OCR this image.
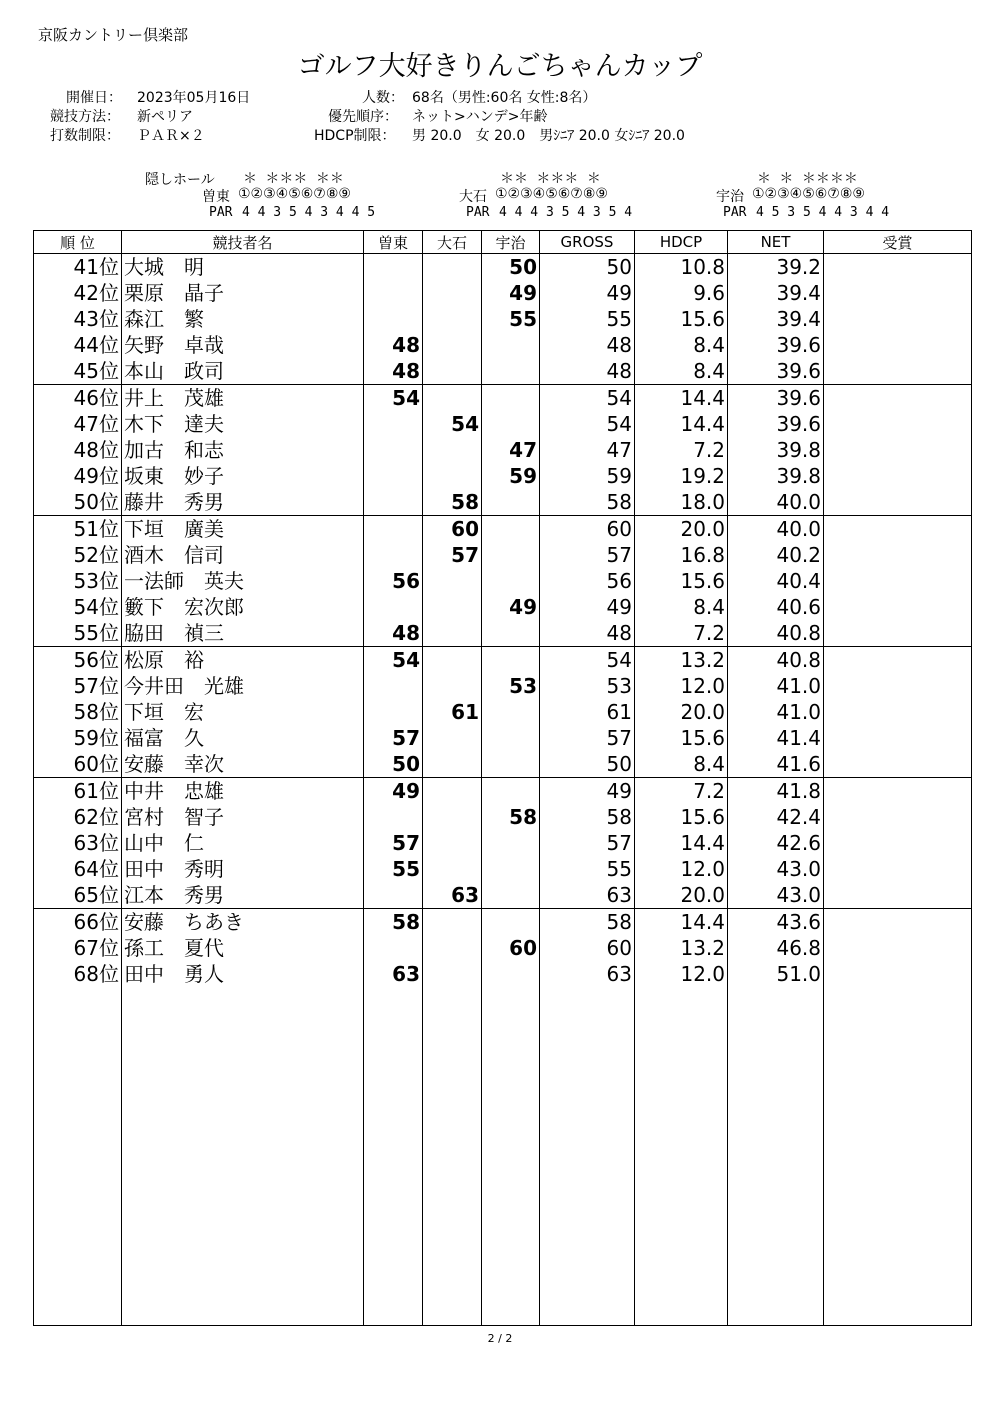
京阪カントリー倶楽部
ゴルフ大好きりんごちゃんカップ
開催日： 2023年05月16日
競技方法： 新ペリア
打数制限： ＰＡＲ×２
人数： 68名（男性:60名 女性:8名）
優先順序： ネット>ハンデ>年齢
HDCP制限： 男 20.0　女 20.0　男ｼﾆｱ 20.0 女ｼﾆｱ 20.0
隠しホール ＊ ＊＊＊ ＊＊	＊＊ ＊＊＊ ＊	＊ ＊ ＊＊＊＊
曽東 ①②③④⑤⑥⑦⑧⑨
PAR 4 4 3 5 4 3 4 4 5
大石 ①②③④⑤⑥⑦⑧⑨
PAR 4 4 4 3 5 4 3 5 4
宇治 ①②③④⑤⑥⑦⑧⑨
PAR 4 5 3 5 4 4 3 4 4
順 位	競技者名	曽東	大石	宇治	GROSS	HDCP	NET	受賞
41位	大城　明			50	50	10.8	39.2	
42位	栗原　晶子			49	49	9.6	39.4	
43位	森江　繁			55	55	15.6	39.4	
44位	矢野　卓哉	48			48	8.4	39.6	
45位	本山　政司	48			48	8.4	39.6	
46位	井上　茂雄	54			54	14.4	39.6	
47位	木下　達夫		54		54	14.4	39.6	
48位	加古　和志			47	47	7.2	39.8	
49位	坂東　妙子			59	59	19.2	39.8	
50位	藤井　秀男		58		58	18.0	40.0	
51位	下垣　廣美		60		60	20.0	40.0	
52位	酒木　信司		57		57	16.8	40.2	
53位	一法師　英夫	56			56	15.6	40.4	
54位	籔下　宏次郎			49	49	8.4	40.6	
55位	脇田　禎三	48			48	7.2	40.8	
56位	松原　裕	54			54	13.2	40.8	
57位	今井田　光雄			53	53	12.0	41.0	
58位	下垣　宏		61		61	20.0	41.0	
59位	福富　久	57			57	15.6	41.4	
60位	安藤　幸次	50			50	8.4	41.6	
61位	中井　忠雄	49			49	7.2	41.8	
62位	宮村　智子			58	58	15.6	42.4	
63位	山中　仁	57			57	14.4	42.6	
64位	田中　秀明	55			55	12.0	43.0	
65位	江本　秀男		63		63	20.0	43.0	
66位	安藤　ちあき	58			58	14.4	43.6	
67位	孫工　夏代			60	60	13.2	46.8	
68位	田中　勇人	63			63	12.0	51.0	

2 / 2
